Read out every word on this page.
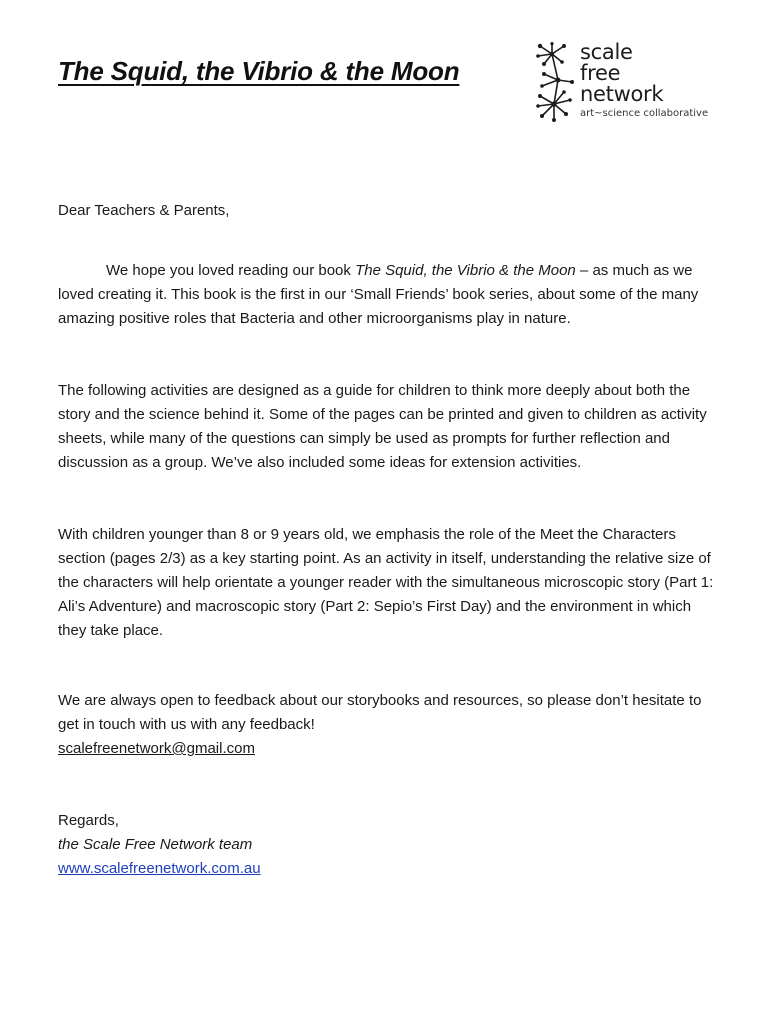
The Squid, the Vibrio & the Moon
scale
free
network
art~science collaborative

Dear Teachers & Parents,

We hope you loved reading our book The Squid, the Vibrio & the Moon – as much as we loved creating it. This book is the first in our ‘Small Friends’ book series, about some of the many amazing positive roles that Bacteria and other microorganisms play in nature.

The following activities are designed as a guide for children to think more deeply about both the story and the science behind it. Some of the pages can be printed and given to children as activity sheets, while many of the questions can simply be used as prompts for further reflection and discussion as a group. We’ve also included some ideas for extension activities.

With children younger than 8 or 9 years old, we emphasis the role of the Meet the Characters section (pages 2/3) as a key starting point. As an activity in itself, understanding the relative size of the characters will help orientate a younger reader with the simultaneous microscopic story (Part 1: Ali’s Adventure) and macroscopic story (Part 2: Sepio’s First Day) and the environment in which they take place.

We are always open to feedback about our storybooks and resources, so please don’t hesitate to get in touch with us with any feedback!

scalefreenetwork@gmail.com

Regards,

the Scale Free Network team

www.scalefreenetwork.com.au
